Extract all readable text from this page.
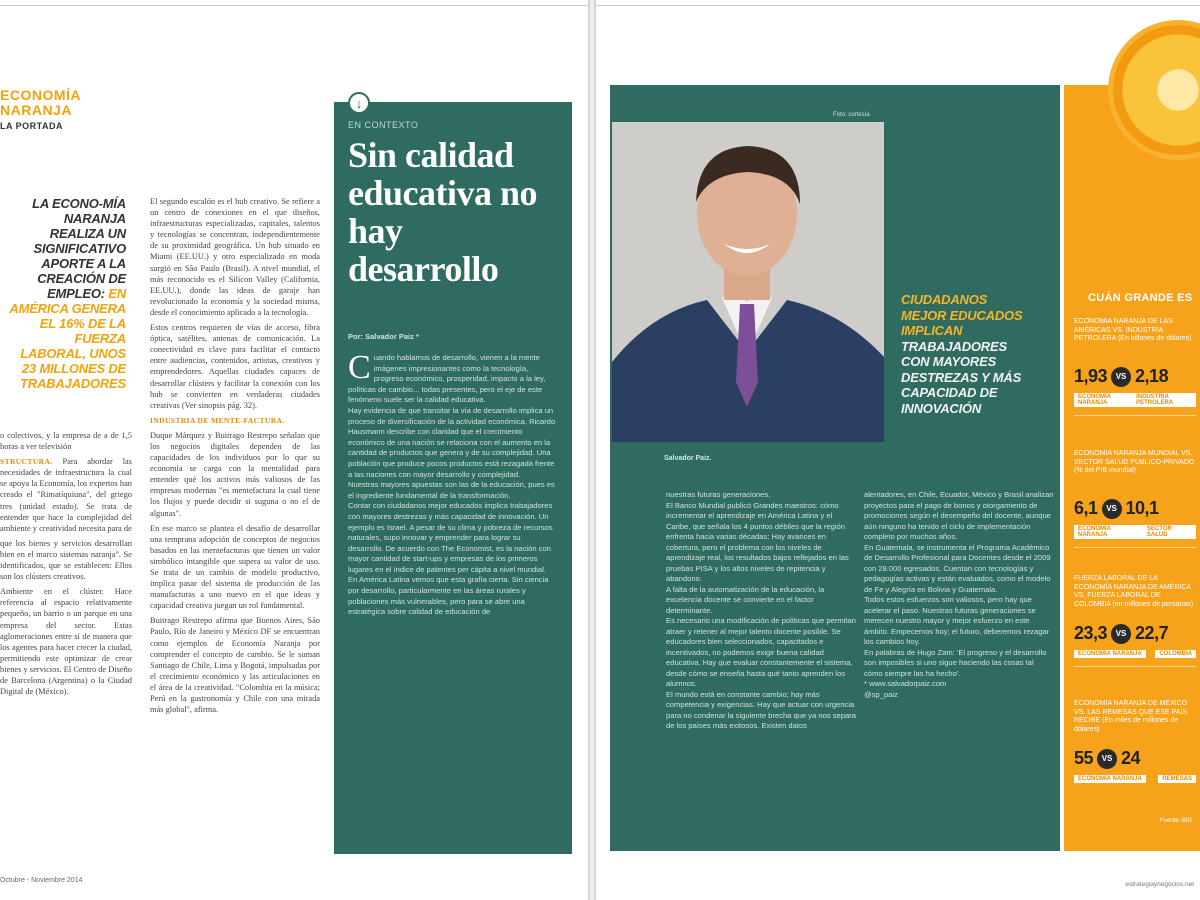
ECONOMÍA
NARANJA
LA PORTADA
LA ECONO-MÍA NARANJA REALIZA UN SIGNIFICATIVO APORTE A LA CREACIÓN DE EMPLEO: EN AMÉRICA GENERA EL 16% DE LA FUERZA LABORAL, UNOS 23 MILLONES DE TRABAJADORES

o colectivos, y la empresa de a de 1,5 horas a ver televisión

STRUCTURA. Para abordar las necesidades de infraestructura la cual se apoya la Economía, los expertos han creado el "Rimatíquiuna", del griego tres (unidad estado). Se trata de entender que hace la complejidad del ambiente y creatividad necesita para de

que los bienes y servicios desarrollan bien en el marco sistemas naranja". Se identificados, que se establecen: Ellos son los clústers creativos.

Ambiente en el clúster. Hace referencia al espacio relativamente pequeño, un barrio o un parque en una empresa del sector. Estas aglomeraciones entre sí de manera que los agentes para hacer crecer la ciudad, permitiendo este optimizar de crear bienes y servicios. El Centro de Diseño de Barcelona (Argentina) o la Ciudad Digital de (México).

El segundo escalón es el hub creativo. Se refiere a un centro de conexiones en el que diseños, infraestructuras especializadas, capitales, talentos y tecnologías se concentran, independientemente de su proximidad geográfica. Un hub situado en Miami (EE.UU.) y otro especializado en moda surgió en São Paulo (Brasil). A nivel mundial, el más reconocido es el Silicon Valley (California, EE.UU.), donde las ideas de garaje han revolucionado la economía y la sociedad misma, desde el conocimiento aplicado a la tecnología.

Estos centros requieren de vías de acceso, fibra óptica, satélites, antenas de comunicación. La conectividad es clave para facilitar el contacto entre audiencias, contenidos, artistas, creativos y emprendedores. Aquellas ciudades capaces de desarrollar clústers y facilitar la conexión con los hub se convierten en verdaderas ciudades creativas (Ver sinopsis pág. 32).

INDUSTRIA DE MENTE-FACTURA.

Duque Márquez y Buitrago Restrepo señalan que los negocios digitales dependen de las capacidades de los individuos por lo que su economía se carga con la mentalidad para entender qué los activos más valiosos de las empresas modernas "es mentefactura la cual tiene los flujos y puede decidir si suguna o no el de algunas".

En ese marco se plantea el desafío de desarrollar una temprana adopción de conceptos de negocios basados en las mentefacturas que tienen un valor simbólico intangible que supera su valor de uso. Se trata de un cambio de modelo productivo, implica pasar del sistema de producción de las manufacturas a uno nuevo en el que ideas y capacidad creativa juegan un rol fundamental.

Buitrago Restrepo afirma que Buenos Aires, São Paulo, Río de Janeiro y México DF se encuentran como ejemplos de Economía Naranja por comprender el concepto de cambio. Se le suman Santiago de Chile, Lima y Bogotá, impulsadas por el crecimiento económico y las articulaciones en el área de la creatividad. "Colombia en la música; Perú en la gastronomía y Chile con una mirada más global", afirma.

Octubre - Noviembre 2014
↓
EN CONTEXTO
Sin calidad educativa no hay desarrollo
Por: Salvador Paiz *

Cuando hablamos de desarrollo, vienen a la mente imágenes impresionantes como la tecnología, progreso económico, prosperidad, impacto a la ley, políticas de cambio... todas presentes, pero el eje de este fenómeno suele ser la calidad educativa.

Hay evidencia de que transitar la vía de desarrollo implica un proceso de diversificación de la actividad económica. Ricardo Hausmann describe con claridad que el crecimiento económico de una nación se relaciona con el aumento en la cantidad de productos que genera y de su complejidad. Una población que produce pocos productos está rezagada frente a las naciones con mayor desarrollo y complejidad.

Nuestras mayores apuestas son las de la educación, pues es el ingrediente fundamental de la transformación.

Contar con ciudadanos mejor educados implica trabajadores con mayores destrezas y más capacidad de innovación. Un ejemplo es Israel. A pesar de su clima y pobreza de recursos naturales, supo innovar y emprender para lograr su desarrollo. De acuerdo con The Economist, es la nación con mayor cantidad de start-ups y empresas de los primeros lugares en el índice de patentes per cápita a nivel mundial.

En América Latina vemos que esta grafía cierta. Sin ciencia por desarrollo, particularmente en las áreas rurales y poblaciones más vulnerables, pero para se abre una estratégica sobre calidad de educación de

Foto: cortesía
Salvador Paiz.
CIUDADANOS MEJOR EDUCADOS IMPLICAN TRABAJADORES CON MAYORES DESTREZAS Y MÁS CAPACIDAD DE INNOVACIÓN

nuestras futuras generaciones.

El Banco Mundial publicó Grandes maestros: cómo incrementar el aprendizaje en América Latina y el Caribe, que señala los 4 puntos débiles que la región enfrenta hacia varias décadas: Hay avances en cobertura, pero el problema con los niveles de aprendizaje real, los resultados bajos reflejados en las pruebas PISA y los altos niveles de repitencia y abandono.

A falta de la automatización de la educación, la excelencia docente se convierte en el factor determinante.

Es necesario una modificación de políticas que permitan atraer y retener al mejor talento docente posible. Se educadores bien seleccionados, capacitados e incentivados, no podemos exigir buena calidad educativa. Hay que evaluar constantemente el sistema, desde cómo se enseña hasta qué tanto aprenden los alumnos.

El mundo está en constante cambio; hay más competencia y exigencias. Hay que actuar con urgencia para no condenar la siguiente brecha que ya nos separa de los países más exitosos. Existen datos

alentadores, en Chile, Ecuador, México y Brasil analizan proyectos para el pago de bonos y otorgamiento de promociones según el desempeño del docente, aunque aún ninguno ha tenido el ciclo de implementación completo por muchos años.

En Guatemala, se instrumenta el Programa Académico de Desarrollo Profesional para Docentes desde el 2009 con 28.000 egresados. Cuentan con tecnologías y pedagogías activas y están evaluados, como el modelo de Fe y Alegría en Bolivia y Guatemala.

Todos estos esfuerzos son valiosos, pero hay que acelerar el paso. Nuestras futuras generaciones se merecen nuestro mayor y mejor esfuerzo en este ámbito. Empecemos hoy; el futuro, deberemos rezagar los cambios hoy.

En palabras de Hugo Zam: 'El progreso y el desarrollo son imposibles si uno sigue haciendo las cosas tal cómo siempre las ha hecho'.

* www.salvadorpaiz.com

@sp_paiz

CUÁN GRANDE ES
ECONOMÍA NARANJA DE LAS AMÉRICAS VS. INDUSTRIA PETROLERA (En billones de dólares)
1,93	VS 2,18
ECONOMÍA NARANJA
INDUSTRIA PETROLERA
ECONOMÍA NARANJA MUNDIAL VS. SECTOR SALUD PÚBLICO-PRIVADO (% del PIB mundial)
6,1	VS 10,1
ECONOMÍA NARANJA
SECTOR SALUD
FUERZA LABORAL DE LA ECONOMÍA NARANJA DE AMÉRICA VS. FUERZA LABORAL DE COLOMBIA (en millones de personas)
23,3	VS 22,7
ECONOMÍA NARANJA	COLOMBIA
ECONOMÍA NARANJA DE MÉXICO VS. LAS REMESAS QUE ESE PAÍS RECIBE (En miles de millones de dólares)
55	VS 24
ECONOMÍA NARANJA	REMESAS
Fuente: BID
estrategiaynegocios.net
